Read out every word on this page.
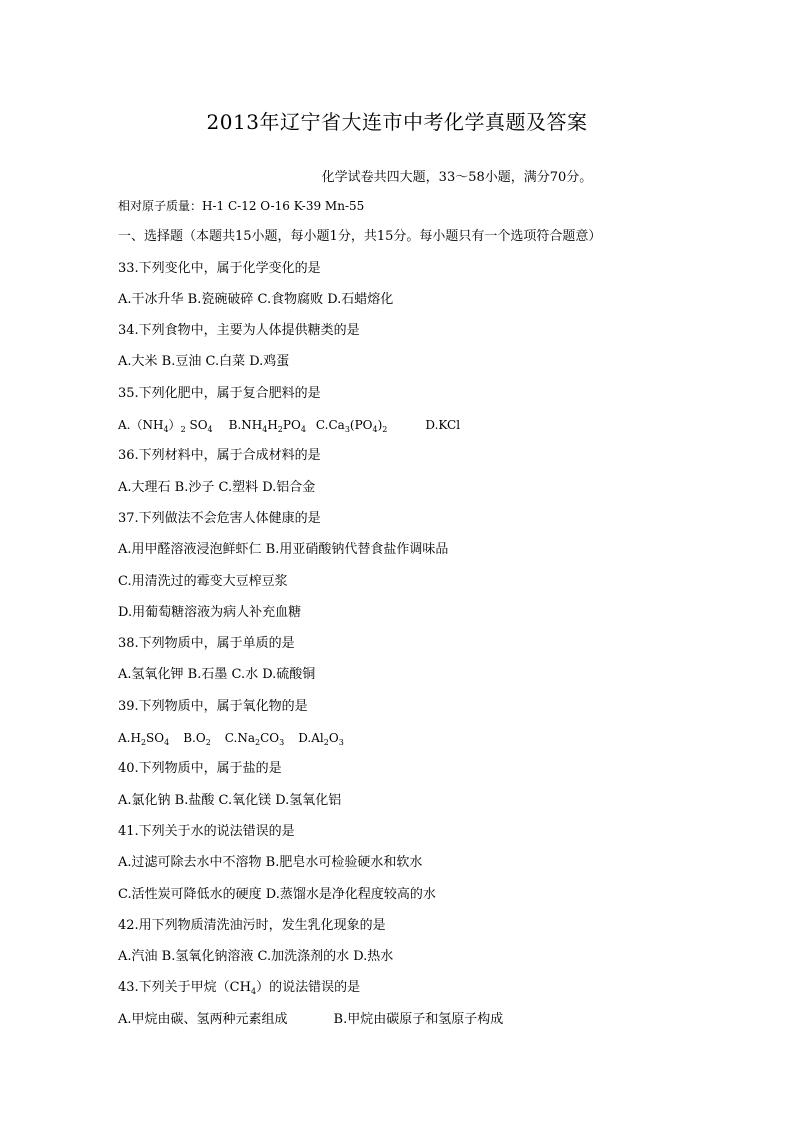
2013年辽宁省大连市中考化学真题及答案
化学试卷共四大题，33～58小题，满分70分。
相对原子质量：H-1 C-12 O-16 K-39 Mn-55
一、选择题（本题共15小题，每小题1分，共15分。每小题只有一个选项符合题意）
33.下列变化中，属于化学变化的是
A.干冰升华 B.瓷碗破碎 C.食物腐败 D.石蜡熔化
34.下列食物中，主要为人体提供糖类的是
A.大米 B.豆油 C.白菜 D.鸡蛋
35.下列化肥中，属于复合肥料的是
$A.(NH_4)_2$ $SO_4$ $B.NH_4H_2PO_4$ $C.Ca_3(PO_4)_2$	D.KCl
36.下列材料中，属于合成材料的是
A.大理石 B.沙子 C.塑料 D.铝合金
37.下列做法不会危害人体健康的是
A.用甲醛溶液浸泡鲜虾仁 B.用亚硝酸钠代替食盐作调味品
C.用清洗过的霉变大豆榨豆浆
D.用葡萄糖溶液为病人补充血糖
38.下列物质中，属于单质的是
A.氢氧化钾 B.石墨 C.水 D.硫酸铜
39.下列物质中，属于氧化物的是
$A.H_2SO_4$ $B.O_2$ $C.Na_2CO_3$ $D.Al_2O_3$
40.下列物质中，属于盐的是
A.氯化钠 B.盐酸 C.氧化镁 D.氢氧化铝
41.下列关于水的说法错误的是
A.过滤可除去水中不溶物 B.肥皂水可检验硬水和软水
C.活性炭可降低水的硬度 D.蒸馏水是净化程度较高的水
42.用下列物质清洗油污时，发生乳化现象的是
A.汽油 B.氢氧化钠溶液 C.加洗涤剂的水 D.热水
43.下列关于甲烷$(CH_4)$的说法错误的是
A.甲烷由碳、氢两种元素组成	B.甲烷由碳原子和氢原子构成
